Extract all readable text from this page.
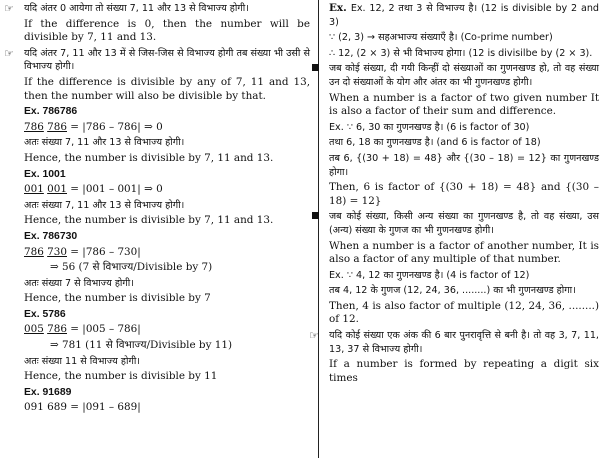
☞ यदि अंतर 0 आयेगा तो संख्या 7, 11 और 13 से विभाज्य होगी।
If the difference is 0, then the number will be divisible by 7, 11 and 13.
☞ यदि अंतर 7, 11 और 13 में से जिस-जिस से विभाज्य होगी तब संख्या भी उसी से विभाज्य होगी।
If the difference is divisible by any of 7, 11 and 13, then the number will also be divisible by that.
Ex. 786786
786 786 = |786 – 786| ⇒ 0
अतः संख्या 7, 11 और 13 से विभाज्य होगी।
Hence, the number is divisible by 7, 11 and 13.
Ex. 1001
001 001 = |001 – 001| ⇒ 0
अतः संख्या 7, 11 और 13 से विभाज्य होगी।
Hence, the number is divisible by 7, 11 and 13.
Ex. 786730
786 730 = |786 – 730|
⇒ 56 (7 से विभाज्य/Divisible by 7)
अतः संख्या 7 से विभाज्य होगी।
Hence, the number is divisible by 7
Ex. 5786
005 786 = |005 – 786|
⇒ 781 (11 से विभाज्य/Divisible by 11)
अतः संख्या 11 से विभाज्य होगी।
Hence, the number is divisible by 11
Ex. 91689
091 689 = |091 – 689|
Ex. Ex. 12, 2 तथा 3 से विभाज्य है। (12 is divisible by 2 and 3)
∵ (2, 3) → सहअभाज्य संख्याएँ है। (Co-prime number)
∴ 12, (2 × 3) से भी विभाज्य होगा। (12 is divisilbe by (2 × 3).
जब कोई संख्या, दी गयी किन्हीं दो संख्याओं का गुणनखण्ड हो, तो वह संख्या उन दो संख्याओं के योग और अंतर का भी गुणनखण्ड होगी।
When a number is a factor of two given number It is also a factor of their sum and difference.
Ex. ∵ 6, 30 का गुणनखण्ड है। (6 is factor of 30)
तथा 6, 18 का गुणनखण्ड है। (and 6 is factor of 18)
तब 6, {(30 + 18) = 48} और {(30 – 18) = 12} का गुणनखण्ड होगा।
Then, 6 is factor of {(30 + 18) = 48} and {(30 – 18) = 12}
जब कोई संख्या, किसी अन्य संख्या का गुणनखण्ड है, तो वह संख्या, उस (अन्य) संख्या के गुणज का भी गुणनखण्ड होगी।
When a number is a factor of another number, It is also a factor of any multiple of that number.
Ex. ∵ 4, 12 का गुणनखण्ड है। (4 is factor of 12)
तब 4, 12 के गुणज (12, 24, 36, ........) का भी गुणनखण्ड होगा।
Then, 4 is also factor of multiple (12, 24, 36, ........) of 12.
☞ यदि कोई संख्या एक अंक की 6 बार पुनरावृत्ति से बनी है। तो वह 3, 7, 11, 13, 37 से विभाज्य होगी।
If a number is formed by repeating a digit six times
